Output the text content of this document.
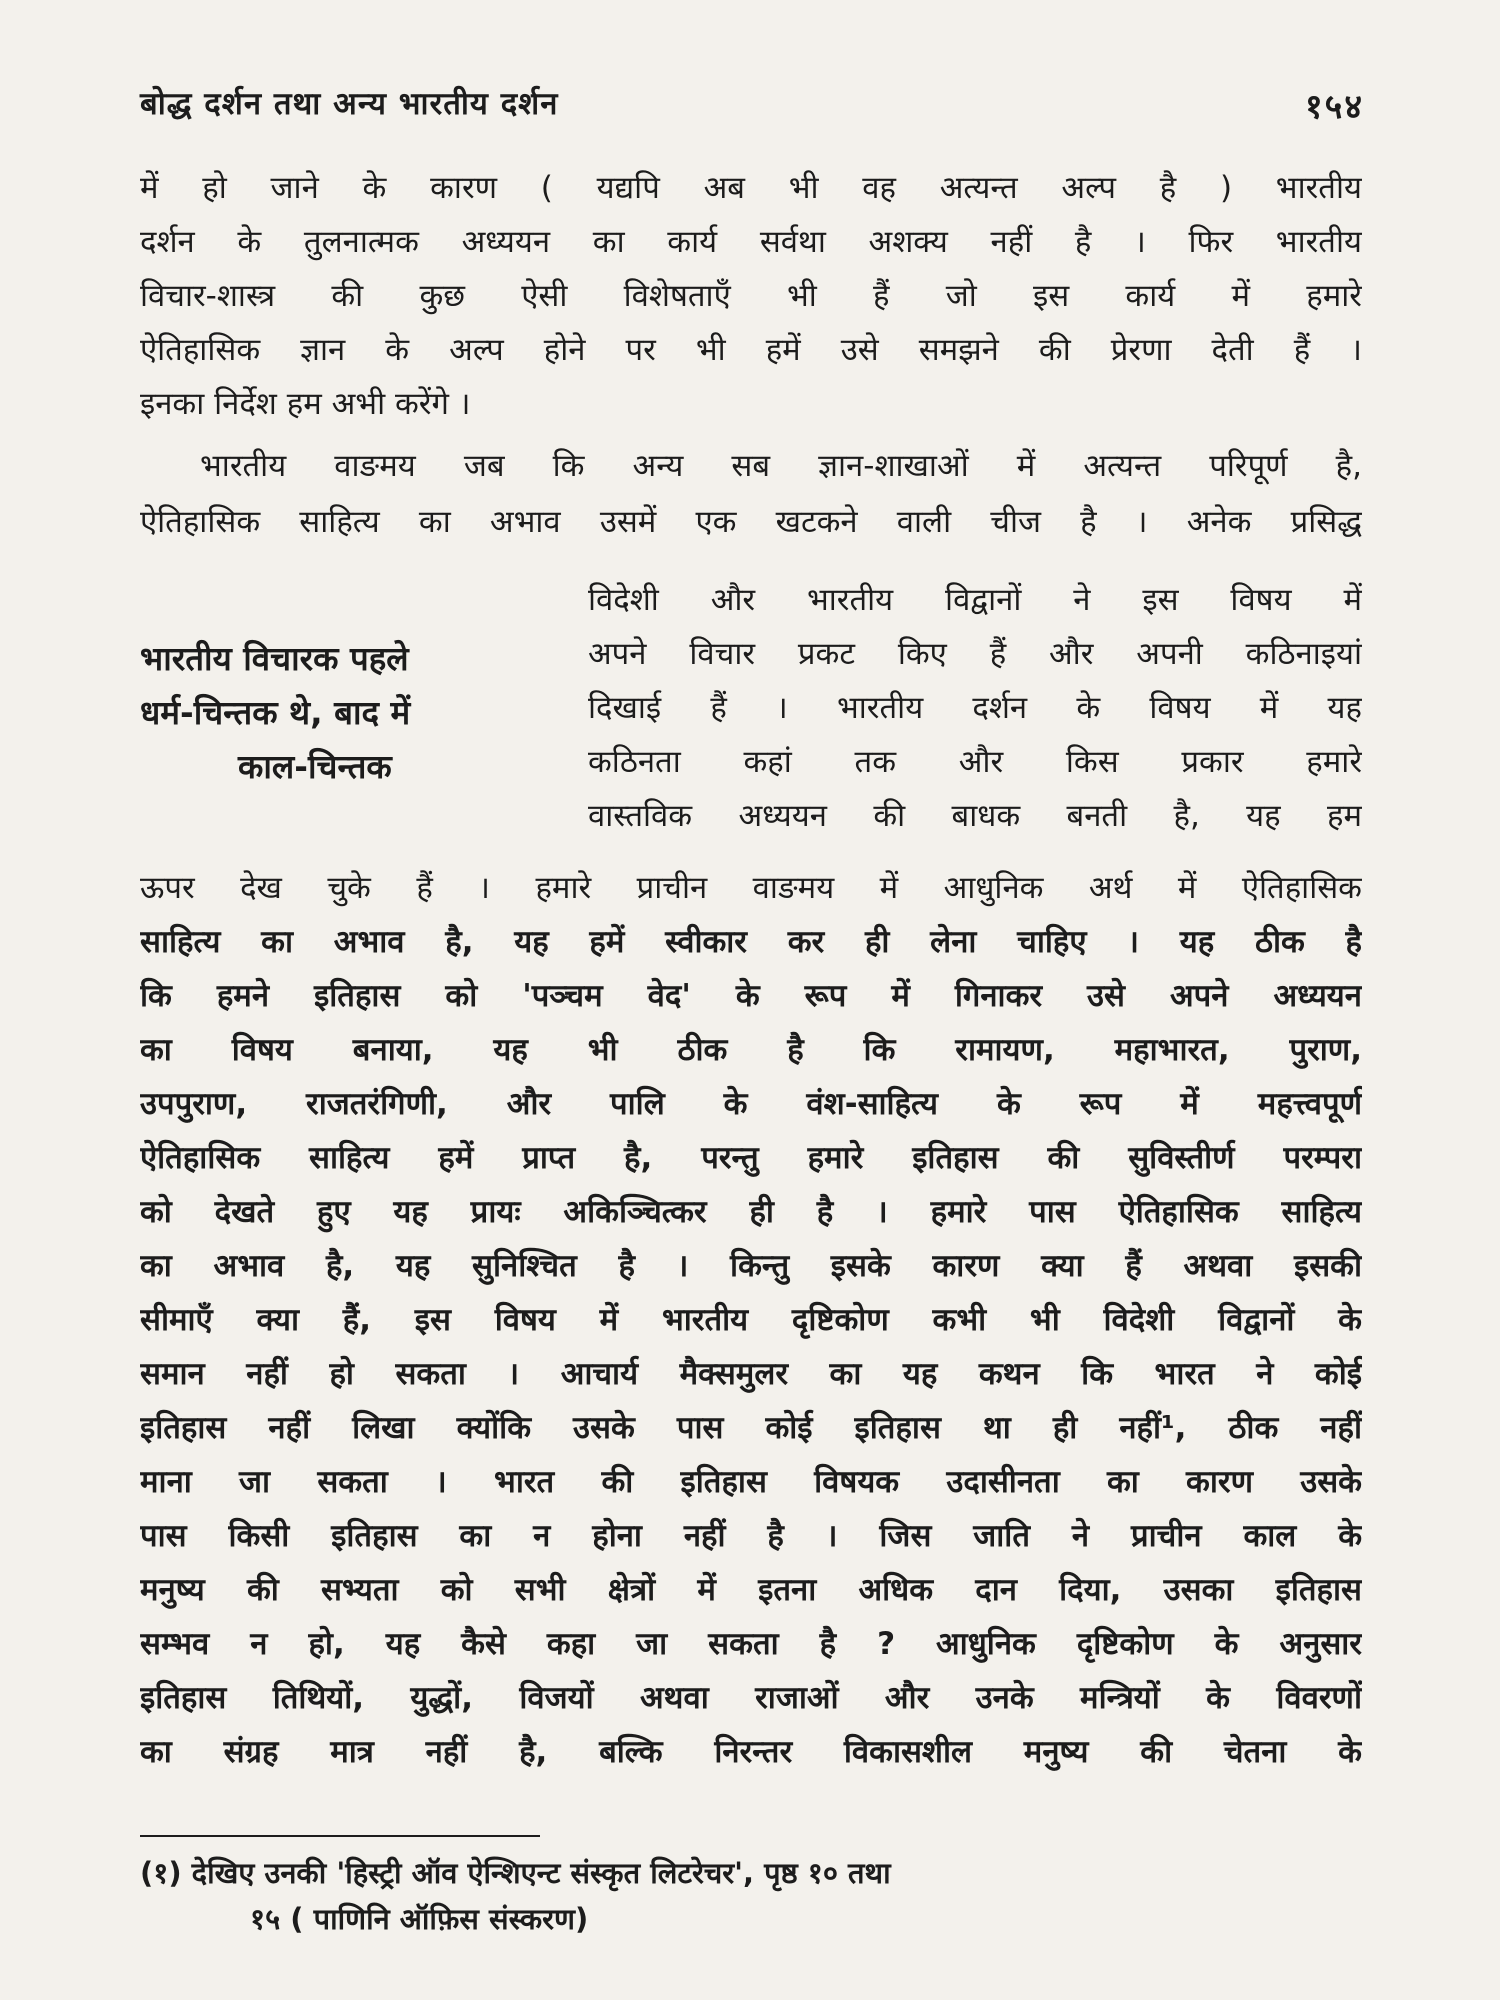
बोद्ध दर्शन तथा अन्य भारतीय दर्शन	१५४
में हो जाने के कारण ( यद्यपि अब भी वह अत्यन्त अल्प है ) भारतीय
दर्शन के तुलनात्मक अध्ययन का कार्य सर्वथा अशक्य नहीं है । फिर भारतीय
विचार-शास्त्र की कुछ ऐसी विशेषताएँ भी हैं जो इस कार्य में हमारे
ऐतिहासिक ज्ञान के अल्प होने पर भी हमें उसे समझने की प्रेरणा देती हैं ।
इनका निर्देश हम अभी करेंगे ।
भारतीय वाङमय जब कि अन्य सब ज्ञान-शाखाओं में अत्यन्त परिपूर्ण है,
ऐतिहासिक साहित्य का अभाव उसमें एक खटकने वाली चीज है । अनेक प्रसिद्ध
भारतीय विचारक पहले
धर्म-चिन्तक थे, बाद में
काल-चिन्तक
विदेशी और भारतीय विद्वानों ने इस विषय में
अपने विचार प्रकट किए हैं और अपनी कठिनाइयां
दिखाई हैं । भारतीय दर्शन के विषय में यह
कठिनता कहां तक और किस प्रकार हमारे
वास्तविक अध्ययन की बाधक बनती है, यह हम
ऊपर देख चुके हैं । हमारे प्राचीन वाङमय में आधुनिक अर्थ में ऐतिहासिक
साहित्य का अभाव है, यह हमें स्वीकार कर ही लेना चाहिए । यह ठीक है
कि हमने इतिहास को 'पञ्चम वेद' के रूप में गिनाकर उसे अपने अध्ययन
का विषय बनाया, यह भी ठीक है कि रामायण, महाभारत, पुराण,
उपपुराण, राजतरंगिणी, और पालि के वंश-साहित्य के रूप में महत्त्वपूर्ण
ऐतिहासिक साहित्य हमें प्राप्त है, परन्तु हमारे इतिहास की सुविस्तीर्ण परम्परा
को देखते हुए यह प्रायः अकिञ्चित्कर ही है । हमारे पास ऐतिहासिक साहित्य
का अभाव है, यह सुनिश्चित है । किन्तु इसके कारण क्या हैं अथवा इसकी
सीमाएँ क्या हैं, इस विषय में भारतीय दृष्टिकोण कभी भी विदेशी विद्वानों के
समान नहीं हो सकता । आचार्य मैक्समुलर का यह कथन कि भारत ने कोई
इतिहास नहीं लिखा क्योंकि उसके पास कोई इतिहास था ही नहीं¹, ठीक नहीं
माना जा सकता । भारत की इतिहास विषयक उदासीनता का कारण उसके
पास किसी इतिहास का न होना नहीं है । जिस जाति ने प्राचीन काल के
मनुष्य की सभ्यता को सभी क्षेत्रों में इतना अधिक दान दिया, उसका इतिहास
सम्भव न हो, यह कैसे कहा जा सकता है ? आधुनिक दृष्टिकोण के अनुसार
इतिहास तिथियों, युद्धों, विजयों अथवा राजाओं और उनके मन्त्रियों के विवरणों
का संग्रह मात्र नहीं है, बल्कि निरन्तर विकासशील मनुष्य की चेतना के
(१) देखिए उनकी 'हिस्ट्री ऑव ऐन्शिएन्ट संस्कृत लिटरेचर', पृष्ठ १० तथा
१५ ( पाणिनि ऑफ़िस संस्करण)
